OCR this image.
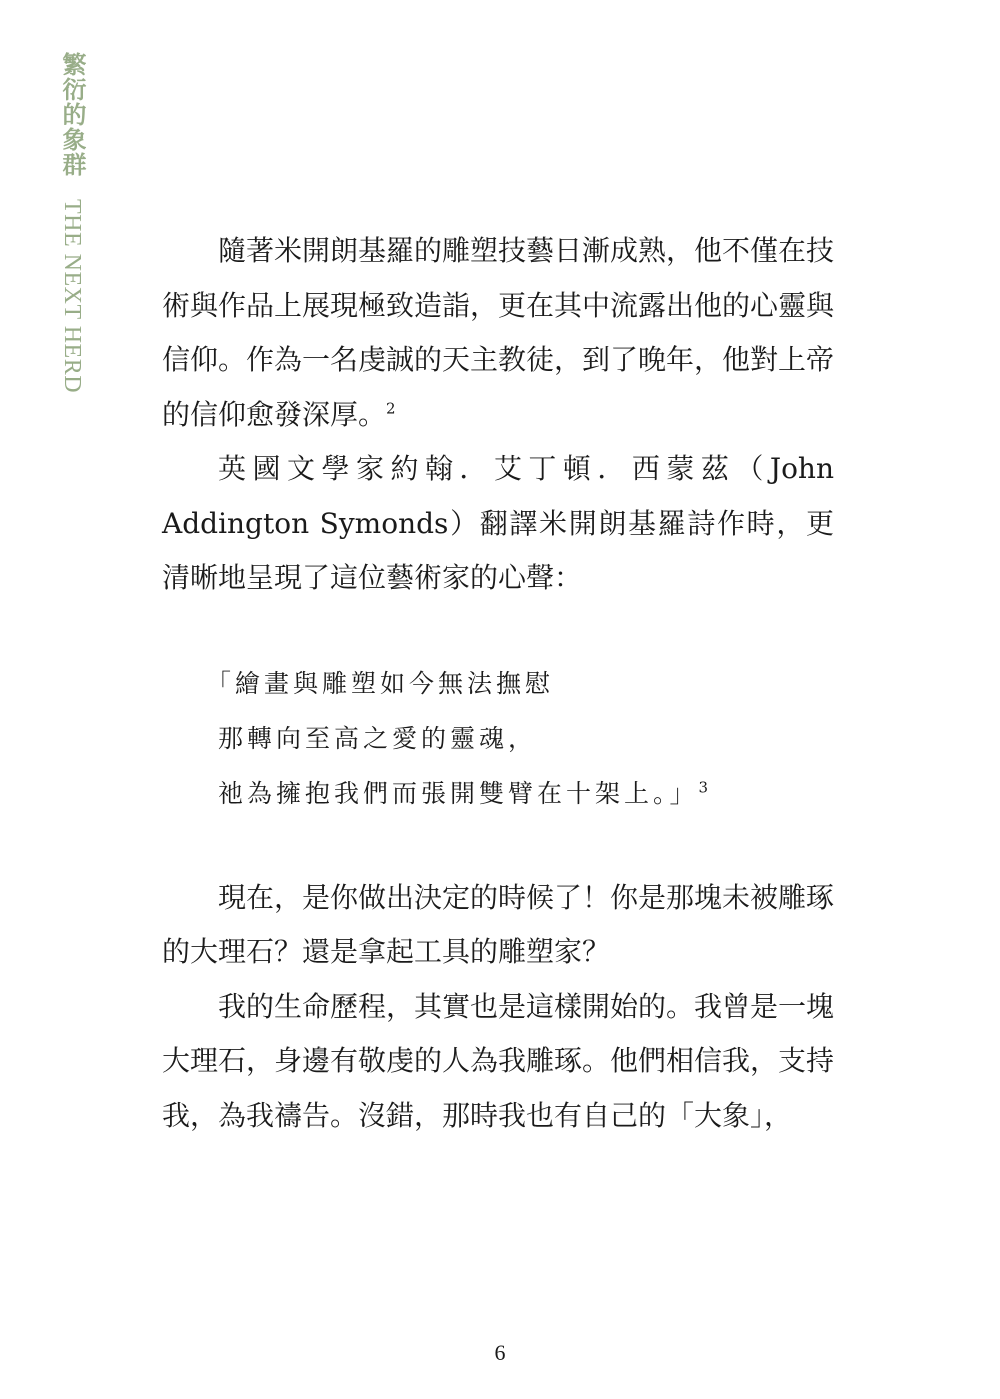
繁衍的象群
THE NEXT HERD	隨著米開朗基羅的雕塑技藝日漸成熟，他不僅在技術與作品上展現極致造詣，更在其中流露出他的心靈與信仰。作為一名虔誠的天主教徒，到了晚年，他對上帝的信仰愈發深厚。$^2$

英國文學家約翰．艾丁頓．西蒙茲（John Addington Symonds）翻譯米開朗基羅詩作時，更清晰地呈現了這位藝術家的心聲：

「繪畫與雕塑如今無法撫慰
那轉向至高之愛的靈魂，
祂為擁抱我們而張開雙臂在十架上。」$^3$

現在，是你做出決定的時候了！你是那塊未被雕琢的大理石？還是拿起工具的雕塑家？

我的生命歷程，其實也是這樣開始的。我曾是一塊大理石，身邊有敬虔的人為我雕琢。他們相信我，支持我，為我禱告。沒錯，那時我也有自己的「大象」，

6
